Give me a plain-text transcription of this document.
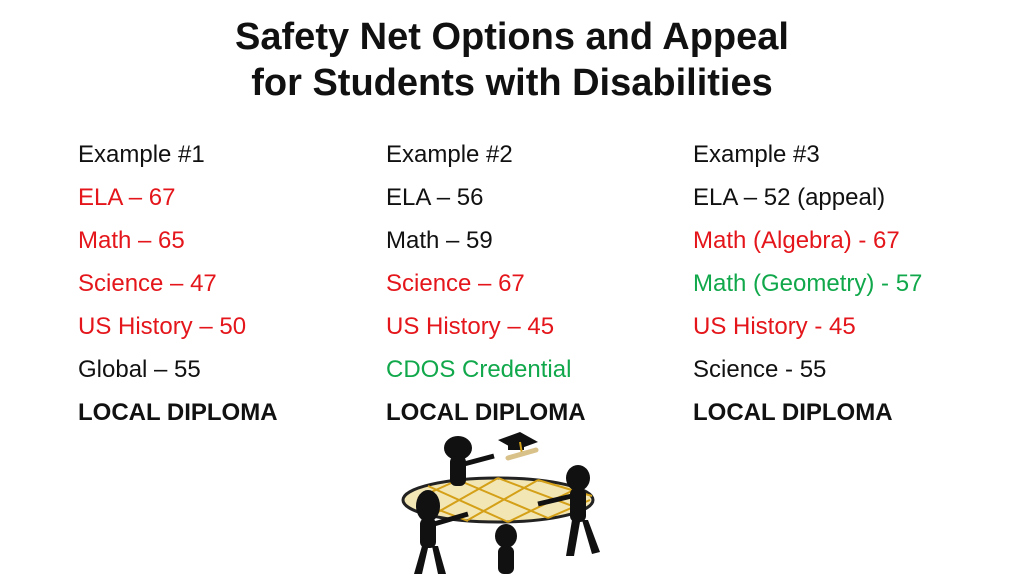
Safety Net Options and Appeal
for Students with Disabilities
Example #1
ELA – 67
Math – 65
Science – 47
US History – 50
Global – 55
LOCAL DIPLOMA
Example #2
ELA – 56
Math – 59
Science – 67
US History – 45
CDOS Credential
LOCAL DIPLOMA
Example #3
ELA – 52 (appeal)
Math (Algebra) - 67
Math (Geometry) - 57
US History - 45
Science - 55
LOCAL DIPLOMA
